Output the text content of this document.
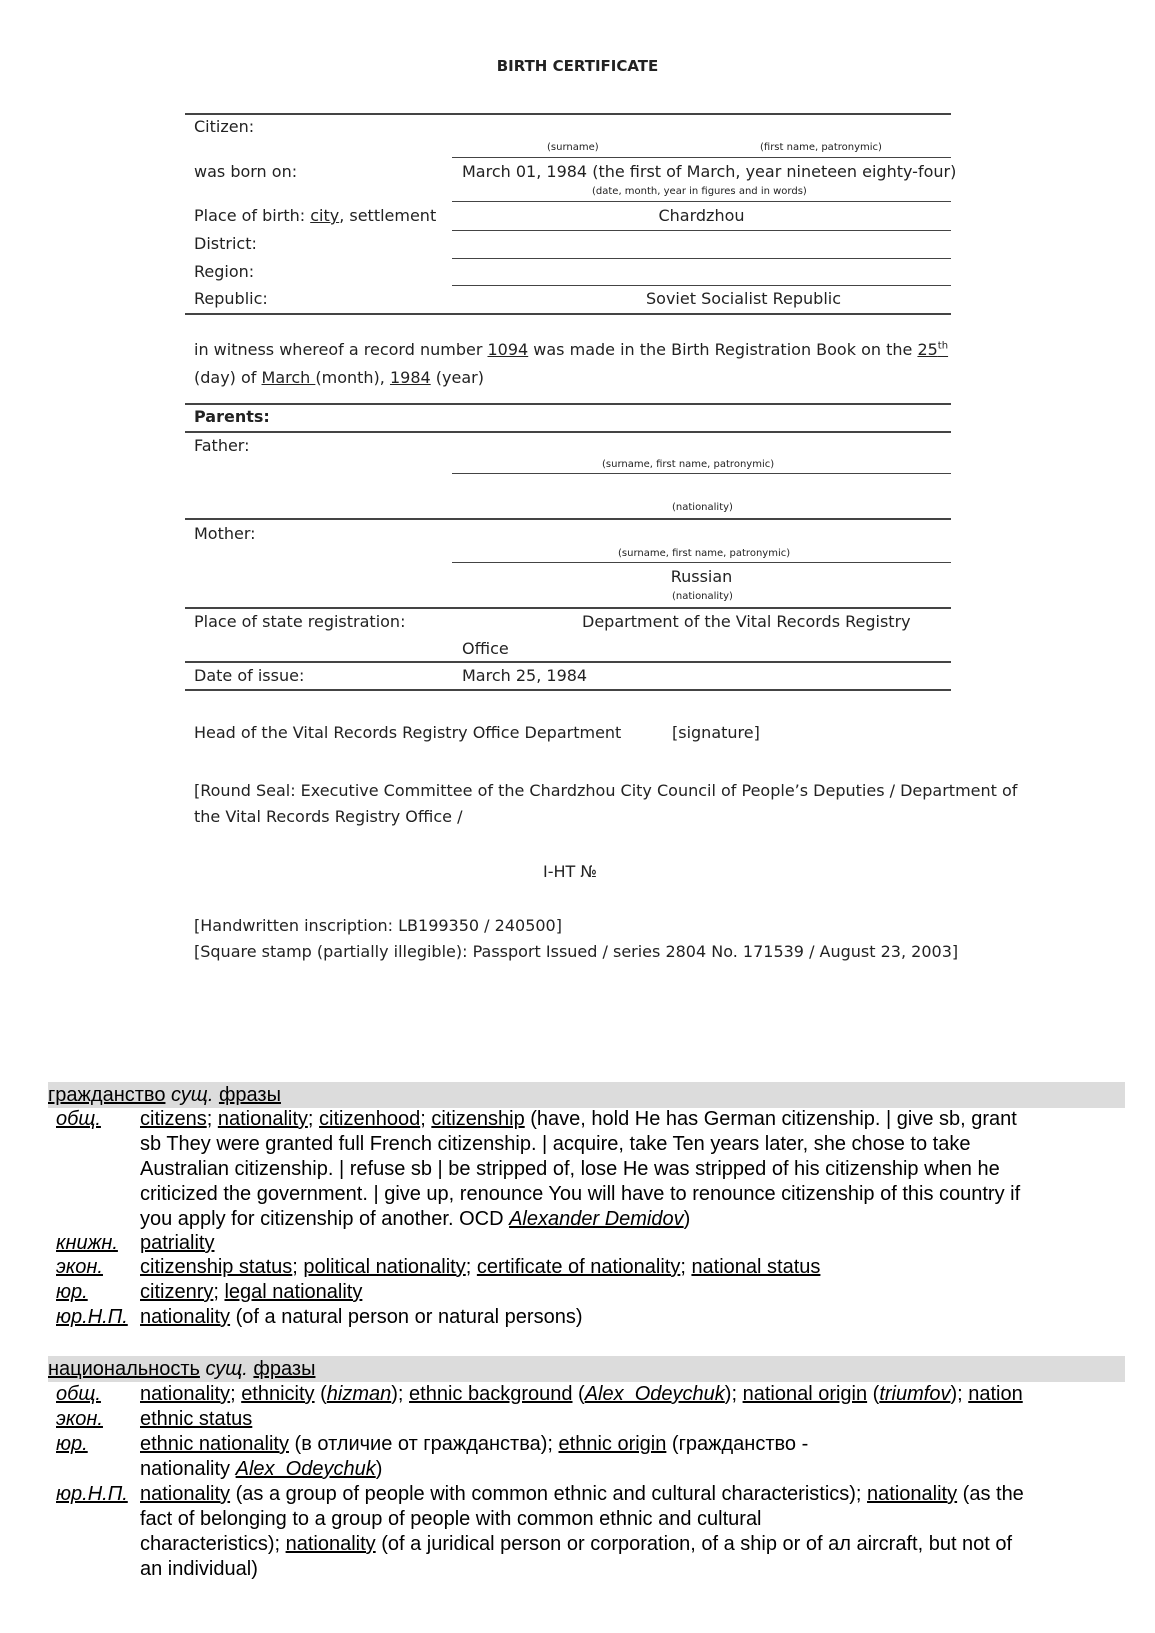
BIRTH CERTIFICATE
Citizen:
(surname)	(first name, patronymic)
was born on:	March 01, 1984 (the first of March, year nineteen eighty-four)
(date, month, year in figures and in words)
Place of birth: city, settlement	Chardzhou
District:
Region:
Republic:	Soviet Socialist Republic
in witness whereof a record number 1094 was made in the Birth Registration Book on the 25th
(day) of March (month), 1984 (year)
Parents:
Father:
(surname, first name, patronymic)
(nationality)
Mother:
(surname, first name, patronymic)
Russian
(nationality)
Place of state registration:	Department of the Vital Records Registry
Office
Date of issue:	March 25, 1984
Head of the Vital Records Registry Office Department	[signature]
[Round Seal: Executive Committee of the Chardzhou City Council of People’s Deputies / Department of
the Vital Records Registry Office /
I-НТ №
[Handwritten inscription: LB199350 / 240500]
[Square stamp (partially illegible): Passport Issued / series 2804 No. 171539 / August 23, 2003]
гражданство сущ. фразы
общ. citizens; nationality; citizenhood; citizenship (have, hold He has German citizenship. | give sb, grant
sb They were granted full French citizenship. | acquire, take Ten years later, she chose to take
Australian citizenship. | refuse sb | be stripped of, lose He was stripped of his citizenship when he
criticized the government. | give up, renounce You will have to renounce citizenship of this country if
you apply for citizenship of another. OCD Alexander Demidov)
книжн. patriality
экон. citizenship status; political nationality; certificate of nationality; national status
юр.	citizenry; legal nationality
юр.Н.П. nationality (of a natural person or natural persons)
национальность сущ. фразы
общ. nationality; ethnicity (hizman); ethnic background (Alex_Odeychuk); national origin (triumfov); nation
экон. ethnic status
юр.	ethnic nationality (в отличие от гражданства); ethnic origin (гражданство -
nationality Alex_Odeychuk)
юр.Н.П. nationality (as a group of people with common ethnic and cultural characteristics); nationality (as the
fact of belonging to a group of people with common ethnic and cultural
characteristics); nationality (of a juridical person or corporation, of a ship or of ал aircraft, but not of
an individual)
